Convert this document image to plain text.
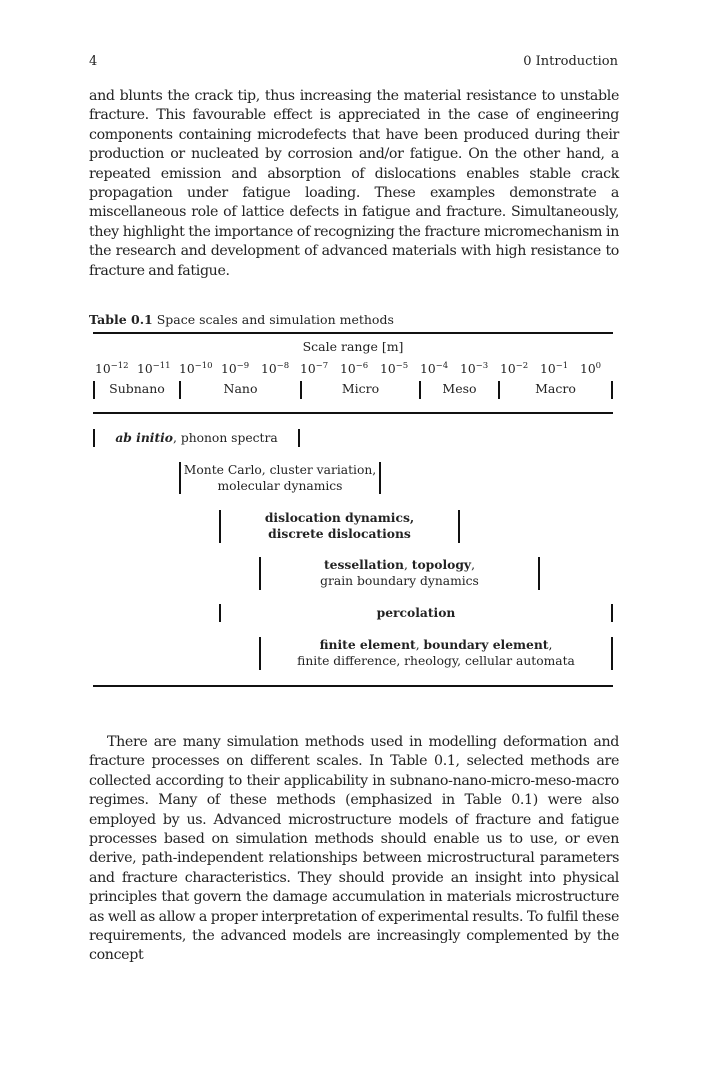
4	0 Introduction

and blunts the crack tip, thus increasing the material resistance to unstable fracture. This favourable effect is appreciated in the case of engineering components containing microdefects that have been produced during their production or nucleated by corrosion and/or fatigue. On the other hand, a repeated emission and absorption of dislocations enables stable crack propagation under fatigue loading. These examples demonstrate a miscellaneous role of lattice defects in fatigue and fracture. Simultaneously, they highlight the importance of recognizing the fracture micromechanism in the research and development of advanced materials with high resistance to fracture and fatigue.

Table 0.1 Space scales and simulation methods
Scale range [m]
$10^{-12}$ $10^{-11}$ $10^{-10}$ $10^{-9}$ $10^{-8}$ $10^{-7}$ $10^{-6}$ $10^{-5}$ $10^{-4}$ $10^{-3}$ $10^{-2}$ $10^{-1}$ $10^0$
Subnano	Nano	Micro	Meso	Macro
ab initio, phonon spectra
Monte Carlo, cluster variation,
molecular dynamics
dislocation dynamics,
discrete dislocations
tessellation, topology,
grain boundary dynamics
percolation
finite element, boundary element,
finite difference, rheology, cellular automata

There are many simulation methods used in modelling deformation and fracture processes on different scales. In Table 0.1, selected methods are collected according to their applicability in subnano-nano-micro-meso-macro regimes. Many of these methods (emphasized in Table 0.1) were also employed by us. Advanced microstructure models of fracture and fatigue processes based on simulation methods should enable us to use, or even derive, path-independent relationships between microstructural parameters and fracture characteristics. They should provide an insight into physical principles that govern the damage accumulation in materials microstructure as well as allow a proper interpretation of experimental results. To fulfil these requirements, the advanced models are increasingly complemented by the concept
